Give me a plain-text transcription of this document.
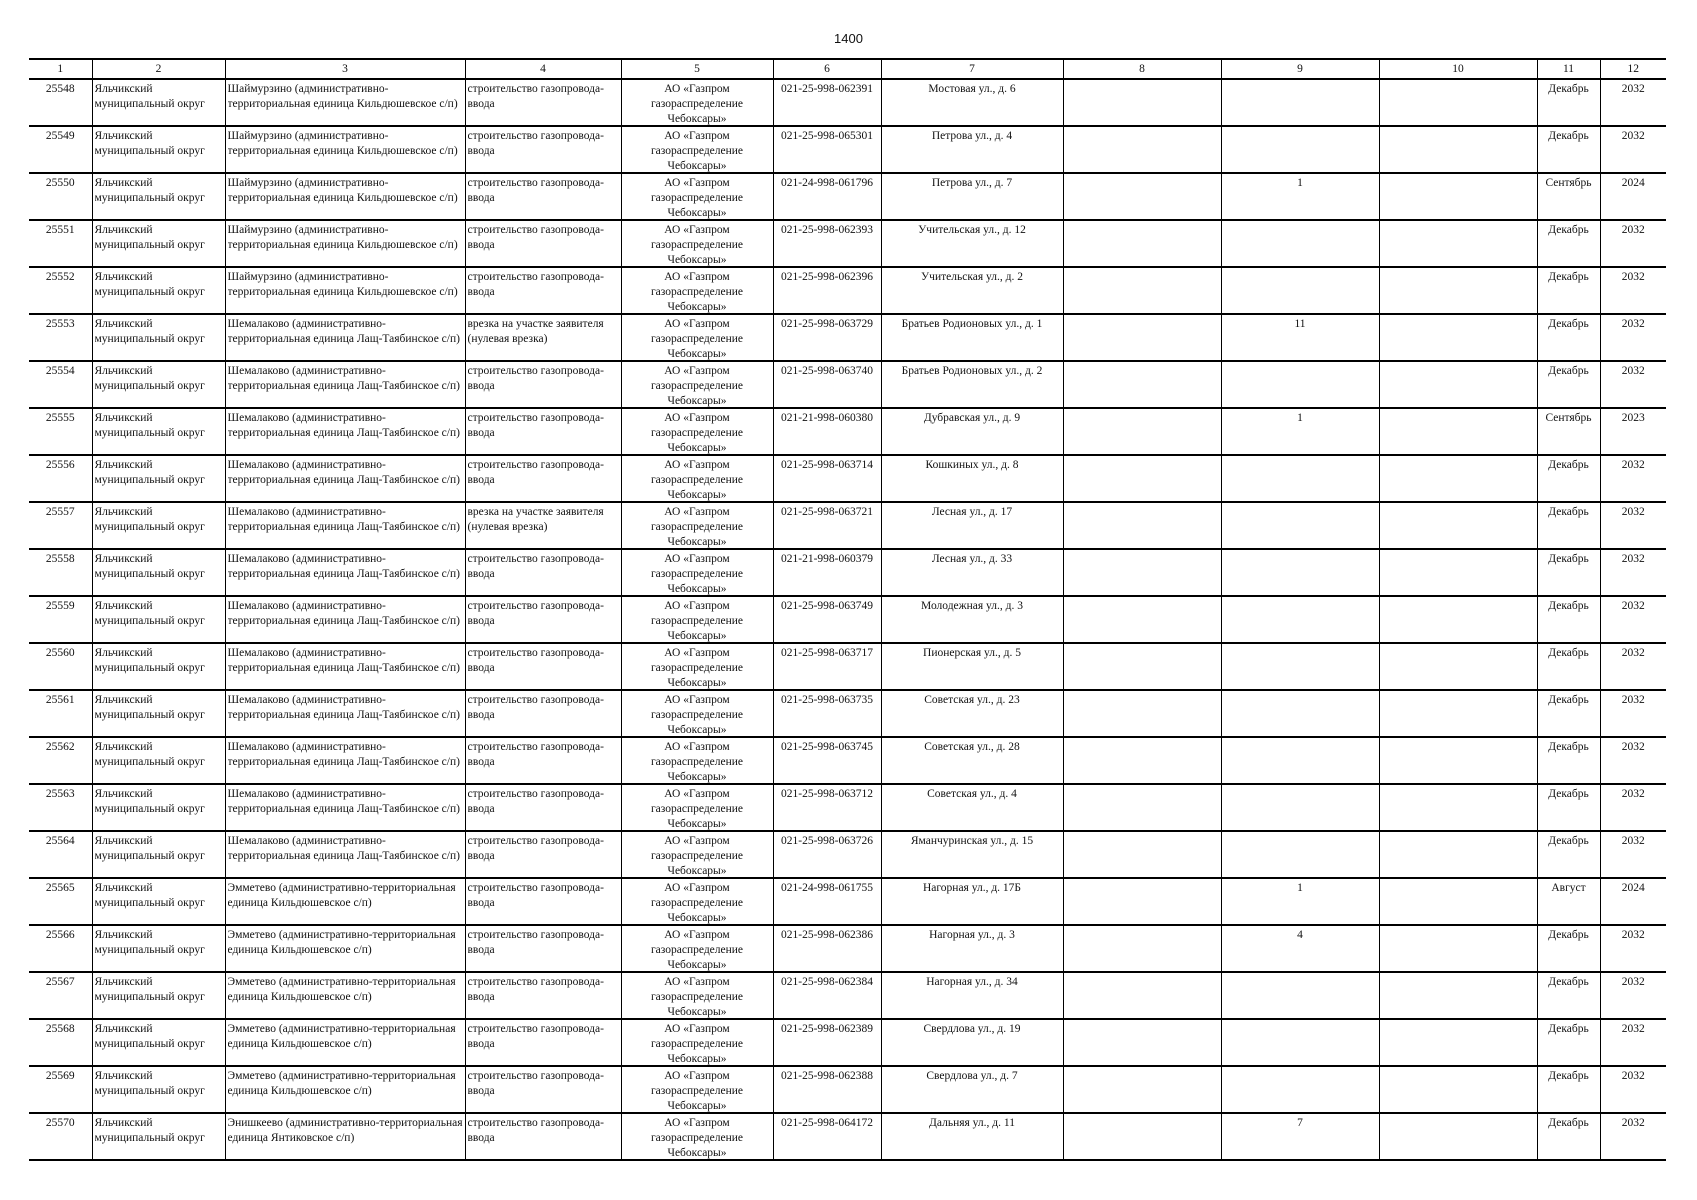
1400
1	2	3	4	5	6	7	8	9	10	11	12

25548	Яльчикский муниципальный округ	Шаймурзино (административно-территориальная единица Кильдюшевское с/п)	строительство газопровода-ввода	АО «Газпром газораспределение Чебоксары»	021-25-998-062391	Мостовая ул., д. 6				Декабрь	2032

25549	Яльчикский муниципальный округ	Шаймурзино (административно-территориальная единица Кильдюшевское с/п)	строительство газопровода-ввода	АО «Газпром газораспределение Чебоксары»	021-25-998-065301	Петрова ул., д. 4				Декабрь	2032

25550	Яльчикский муниципальный округ	Шаймурзино (административно-территориальная единица Кильдюшевское с/п)	строительство газопровода-ввода	АО «Газпром газораспределение Чебоксары»	021-24-998-061796	Петрова ул., д. 7		1		Сентябрь	2024

25551	Яльчикский муниципальный округ	Шаймурзино (административно-территориальная единица Кильдюшевское с/п)	строительство газопровода-ввода	АО «Газпром газораспределение Чебоксары»	021-25-998-062393	Учительская ул., д. 12				Декабрь	2032

25552	Яльчикский муниципальный округ	Шаймурзино (административно-территориальная единица Кильдюшевское с/п)	строительство газопровода-ввода	АО «Газпром газораспределение Чебоксары»	021-25-998-062396	Учительская ул., д. 2				Декабрь	2032

25553	Яльчикский муниципальный округ	Шемалаково (административно-территориальная единица Лащ-Таябинское с/п)	врезка на участке заявителя (нулевая врезка)	АО «Газпром газораспределение Чебоксары»	021-25-998-063729	Братьев Родионовых ул., д. 1		11		Декабрь	2032

25554	Яльчикский муниципальный округ	Шемалаково (административно-территориальная единица Лащ-Таябинское с/п)	строительство газопровода-ввода	АО «Газпром газораспределение Чебоксары»	021-25-998-063740	Братьев Родионовых ул., д. 2				Декабрь	2032

25555	Яльчикский муниципальный округ	Шемалаково (административно-территориальная единица Лащ-Таябинское с/п)	строительство газопровода-ввода	АО «Газпром газораспределение Чебоксары»	021-21-998-060380	Дубравская ул., д. 9		1		Сентябрь	2023

25556	Яльчикский муниципальный округ	Шемалаково (административно-территориальная единица Лащ-Таябинское с/п)	строительство газопровода-ввода	АО «Газпром газораспределение Чебоксары»	021-25-998-063714	Кошкиных ул., д. 8				Декабрь	2032

25557	Яльчикский муниципальный округ	Шемалаково (административно-территориальная единица Лащ-Таябинское с/п)	врезка на участке заявителя (нулевая врезка)	АО «Газпром газораспределение Чебоксары»	021-25-998-063721	Лесная ул., д. 17				Декабрь	2032

25558	Яльчикский муниципальный округ	Шемалаково (административно-территориальная единица Лащ-Таябинское с/п)	строительство газопровода-ввода	АО «Газпром газораспределение Чебоксары»	021-21-998-060379	Лесная ул., д. 33				Декабрь	2032

25559	Яльчикский муниципальный округ	Шемалаково (административно-территориальная единица Лащ-Таябинское с/п)	строительство газопровода-ввода	АО «Газпром газораспределение Чебоксары»	021-25-998-063749	Молодежная ул., д. 3				Декабрь	2032

25560	Яльчикский муниципальный округ	Шемалаково (административно-территориальная единица Лащ-Таябинское с/п)	строительство газопровода-ввода	АО «Газпром газораспределение Чебоксары»	021-25-998-063717	Пионерская ул., д. 5				Декабрь	2032

25561	Яльчикский муниципальный округ	Шемалаково (административно-территориальная единица Лащ-Таябинское с/п)	строительство газопровода-ввода	АО «Газпром газораспределение Чебоксары»	021-25-998-063735	Советская ул., д. 23				Декабрь	2032

25562	Яльчикский муниципальный округ	Шемалаково (административно-территориальная единица Лащ-Таябинское с/п)	строительство газопровода-ввода	АО «Газпром газораспределение Чебоксары»	021-25-998-063745	Советская ул., д. 28				Декабрь	2032

25563	Яльчикский муниципальный округ	Шемалаково (административно-территориальная единица Лащ-Таябинское с/п)	строительство газопровода-ввода	АО «Газпром газораспределение Чебоксары»	021-25-998-063712	Советская ул., д. 4				Декабрь	2032

25564	Яльчикский муниципальный округ	Шемалаково (административно-территориальная единица Лащ-Таябинское с/п)	строительство газопровода-ввода	АО «Газпром газораспределение Чебоксары»	021-25-998-063726	Яманчуринская ул., д. 15				Декабрь	2032

25565	Яльчикский муниципальный округ	Эмметево (административно-территориальная единица Кильдюшевское с/п)	строительство газопровода-ввода	АО «Газпром газораспределение Чебоксары»	021-24-998-061755	Нагорная ул., д. 17Б		1		Август	2024

25566	Яльчикский муниципальный округ	Эмметево (административно-территориальная единица Кильдюшевское с/п)	строительство газопровода-ввода	АО «Газпром газораспределение Чебоксары»	021-25-998-062386	Нагорная ул., д. 3		4		Декабрь	2032

25567	Яльчикский муниципальный округ	Эмметево (административно-территориальная единица Кильдюшевское с/п)	строительство газопровода-ввода	АО «Газпром газораспределение Чебоксары»	021-25-998-062384	Нагорная ул., д. 34				Декабрь	2032

25568	Яльчикский муниципальный округ	Эмметево (административно-территориальная единица Кильдюшевское с/п)	строительство газопровода-ввода	АО «Газпром газораспределение Чебоксары»	021-25-998-062389	Свердлова ул., д. 19				Декабрь	2032

25569	Яльчикский муниципальный округ	Эмметево (административно-территориальная единица Кильдюшевское с/п)	строительство газопровода-ввода	АО «Газпром газораспределение Чебоксары»	021-25-998-062388	Свердлова ул., д. 7				Декабрь	2032

25570	Яльчикский муниципальный округ	Энишкеево (административно-территориальная единица Янтиковское с/п)	строительство газопровода-ввода	АО «Газпром газораспределение Чебоксары»	021-25-998-064172	Дальняя ул., д. 11		7		Декабрь	2032
